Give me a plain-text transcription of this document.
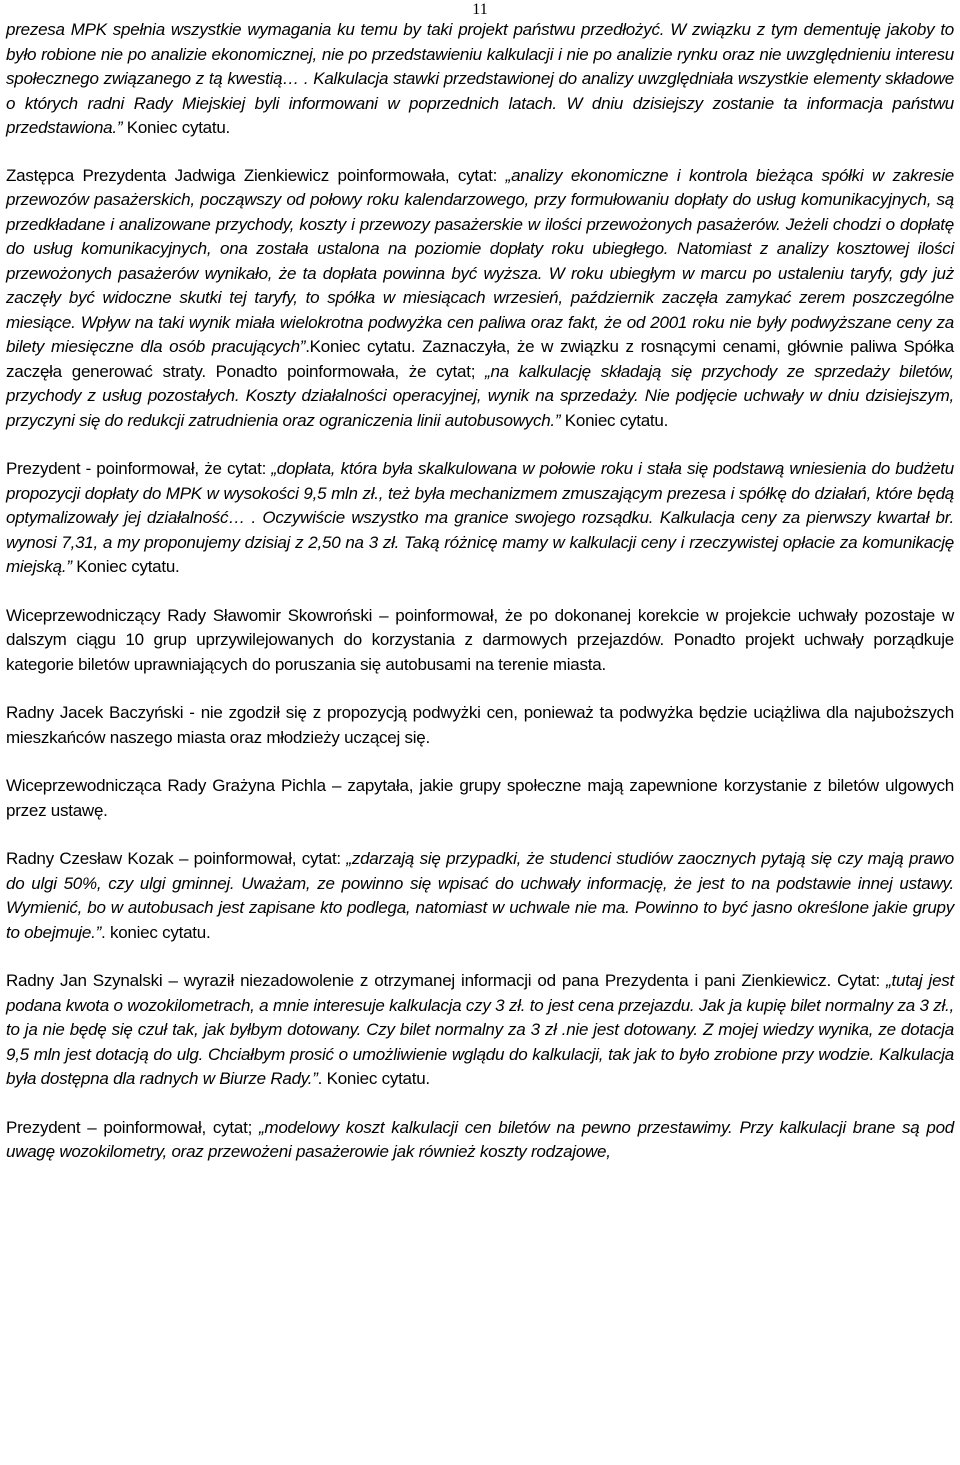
11

prezesa MPK spełnia wszystkie wymagania ku temu by taki projekt państwu przedłożyć. W związku z tym dementuję jakoby to było robione nie po analizie ekonomicznej, nie po przedstawieniu kalkulacji i nie po analizie rynku oraz nie uwzględnieniu interesu społecznego związanego z tą kwestią… . Kalkulacja stawki przedstawionej do analizy uwzględniała wszystkie elementy składowe o których radni Rady Miejskiej byli informowani w poprzednich latach. W dniu dzisiejszy zostanie ta informacja państwu przedstawiona.” Koniec cytatu.

Zastępca Prezydenta Jadwiga Zienkiewicz poinformowała, cytat: „analizy ekonomiczne i kontrola bieżąca spółki w zakresie przewozów pasażerskich, począwszy od połowy roku kalendarzowego, przy formułowaniu dopłaty do usług komunikacyjnych, są przedkładane i analizowane przychody, koszty i przewozy pasażerskie w ilości przewożonych pasażerów. Jeżeli chodzi o dopłatę do usług komunikacyjnych, ona została ustalona na poziomie dopłaty roku ubiegłego. Natomiast z analizy kosztowej ilości przewożonych pasażerów wynikało, że ta dopłata powinna być wyższa. W roku ubiegłym w marcu po ustaleniu taryfy, gdy już zaczęły być widoczne skutki tej taryfy, to spółka w miesiącach wrzesień, październik zaczęła zamykać zerem poszczególne miesiące. Wpływ na taki wynik miała wielokrotna podwyżka cen paliwa oraz fakt, że od 2001 roku nie były podwyższane ceny za bilety miesięczne dla osób pracujących”.Koniec cytatu. Zaznaczyła, że w związku z rosnącymi cenami, głównie paliwa Spółka zaczęła generować straty. Ponadto poinformowała, że cytat; „na kalkulację składają się przychody ze sprzedaży biletów, przychody z usług pozostałych. Koszty działalności operacyjnej, wynik na sprzedaży. Nie podjęcie uchwały w dniu dzisiejszym, przyczyni się do redukcji zatrudnienia oraz ograniczenia linii autobusowych.” Koniec cytatu.

Prezydent - poinformował, że cytat: „dopłata, która była skalkulowana w połowie roku i stała się podstawą wniesienia do budżetu propozycji dopłaty do MPK w wysokości 9,5 mln zł., też była mechanizmem zmuszającym prezesa i spółkę do działań, które będą optymalizowały jej działalność… . Oczywiście wszystko ma granice swojego rozsądku. Kalkulacja ceny za pierwszy kwartał br. wynosi 7,31, a my proponujemy dzisiaj z 2,50 na 3 zł. Taką różnicę mamy w kalkulacji ceny i rzeczywistej opłacie za komunikację miejską.” Koniec cytatu.

Wiceprzewodniczący Rady Sławomir Skowroński – poinformował, że po dokonanej korekcie w projekcie uchwały pozostaje w dalszym ciągu 10 grup uprzywilejowanych do korzystania z darmowych przejazdów. Ponadto projekt uchwały porządkuje kategorie biletów uprawniających do poruszania się autobusami na terenie miasta.

Radny Jacek Baczyński - nie zgodził się z propozycją podwyżki cen, ponieważ ta podwyżka będzie uciążliwa dla najuboższych mieszkańców naszego miasta oraz młodzieży uczącej się.

Wiceprzewodnicząca Rady Grażyna Pichla – zapytała, jakie grupy społeczne mają zapewnione korzystanie z biletów ulgowych przez ustawę.

Radny Czesław Kozak – poinformował, cytat: „zdarzają się przypadki, że studenci studiów zaocznych pytają się czy mają prawo do ulgi 50%, czy ulgi gminnej. Uważam, ze powinno się wpisać do uchwały informację, że jest to na podstawie innej ustawy. Wymienić, bo w autobusach jest zapisane kto podlega, natomiast w uchwale nie ma. Powinno to być jasno określone jakie grupy to obejmuje.”. koniec cytatu.

Radny Jan Szynalski – wyraził niezadowolenie z otrzymanej informacji od pana Prezydenta i pani Zienkiewicz. Cytat: „tutaj jest podana kwota o wozokilometrach, a mnie interesuje kalkulacja czy 3 zł. to jest cena przejazdu. Jak ja kupię bilet normalny za 3 zł., to ja nie będę się czuł tak, jak byłbym dotowany. Czy bilet normalny za 3 zł .nie jest dotowany. Z mojej wiedzy wynika, ze dotacja 9,5 mln jest dotacją do ulg. Chciałbym prosić o umożliwienie wglądu do kalkulacji, tak jak to było zrobione przy wodzie. Kalkulacja była dostępna dla radnych w Biurze Rady.”. Koniec cytatu.

Prezydent – poinformował, cytat; „modelowy koszt kalkulacji cen biletów na pewno przestawimy. Przy kalkulacji brane są pod uwagę wozokilometry, oraz przewożeni pasażerowie jak również koszty rodzajowe,
